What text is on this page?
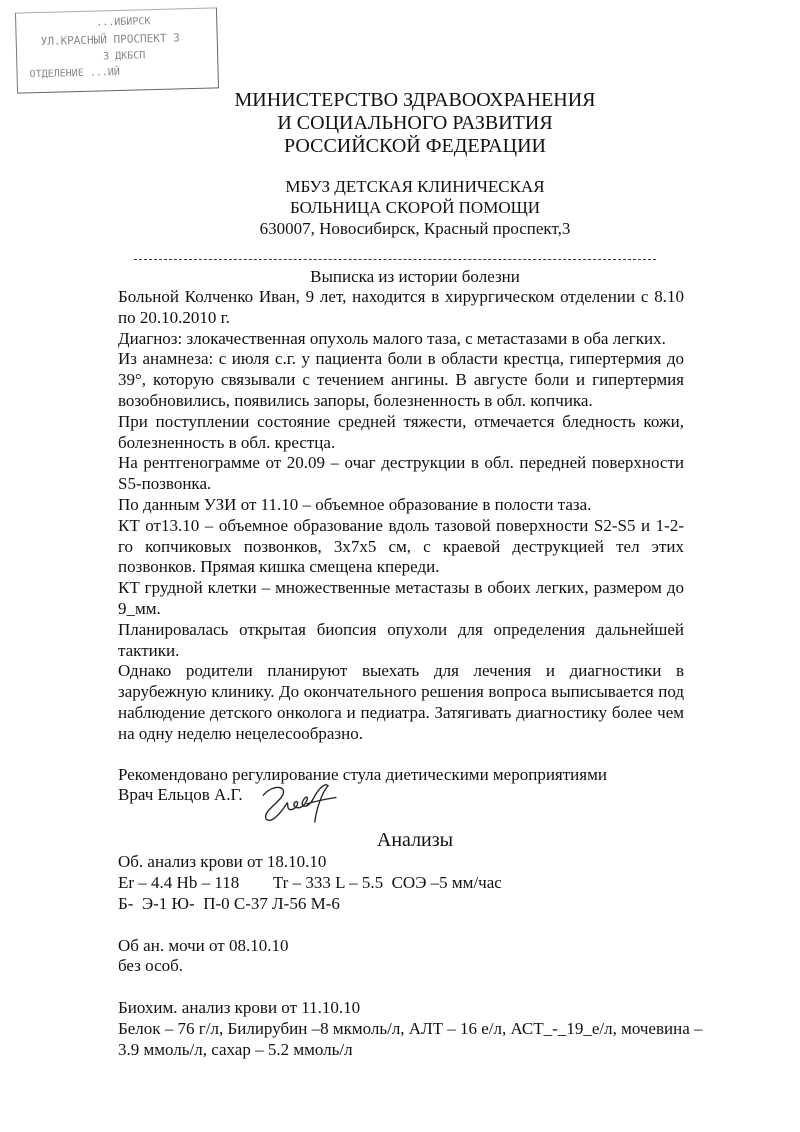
...ИБИРСК
УЛ.КРАСНЫЙ ПРОСПЕКТ 3
3 ДКБСП
ОТДЕЛЕНИЕ ...ИЙ
МИНИСТЕРСТВО ЗДРАВООХРАНЕНИЯ
И СОЦИАЛЬНОГО РАЗВИТИЯ
РОССИЙСКОЙ ФЕДЕРАЦИИ
МБУЗ ДЕТСКАЯ КЛИНИЧЕСКАЯ
БОЛЬНИЦА СКОРОЙ ПОМОЩИ
630007, Новосибирск, Красный проспект,3
Выписка из истории болезни

Больной Колченко Иван, 9 лет, находится в хирургическом отделении с 8.10 по 20.10.2010 г.

Диагноз: злокачественная опухоль малого таза, с метастазами в оба легких.

Из анамнеза: с июля с.г. у пациента боли в области крестца, гипертермия до 39°, которую связывали с течением ангины. В августе боли и гипертермия возобновились, появились запоры, болезненность в обл. копчика.

При поступлении состояние средней тяжести, отмечается бледность кожи, болезненность в обл. крестца.

На рентгенограмме от 20.09 – очаг деструкции в обл. передней поверхности S5-позвонка.

По данным УЗИ от 11.10 – объемное образование в полости таза.

КТ от13.10 – объемное образование вдоль тазовой поверхности S2-S5 и 1-2-го копчиковых позвонков, 3х7х5 см, с краевой деструкцией тел этих позвонков. Прямая кишка смещена кпереди.

КТ грудной клетки – множественные метастазы в обоих легких, размером до 9_мм.

Планировалась открытая биопсия опухоли для определения дальнейшей тактики.

Однако родители планируют выехать для лечения и диагностики в зарубежную клинику. До окончательного решения вопроса выписывается под наблюдение детского онколога и педиатра. Затягивать диагностику более чем на одну неделю нецелесообразно.

Рекомендовано регулирование стула диетическими мероприятиями

Врач Ельцов А.Г.

Анализы

Об. анализ крови от 18.10.10

Er – 4.4 Hb – 118        Tr – 333 L – 5.5  СОЭ –5 мм/час

Б-  Э-1 Ю-  П-0 С-37 Л-56 М-6

Об ан. мочи от 08.10.10

без особ.

Биохим. анализ крови от 11.10.10

Белок – 76 г/л, Билирубин –8 мкмоль/л, АЛТ – 16 е/л, АСТ_-_19_е/л, мочевина –

3.9 ммоль/л, сахар – 5.2 ммоль/л
